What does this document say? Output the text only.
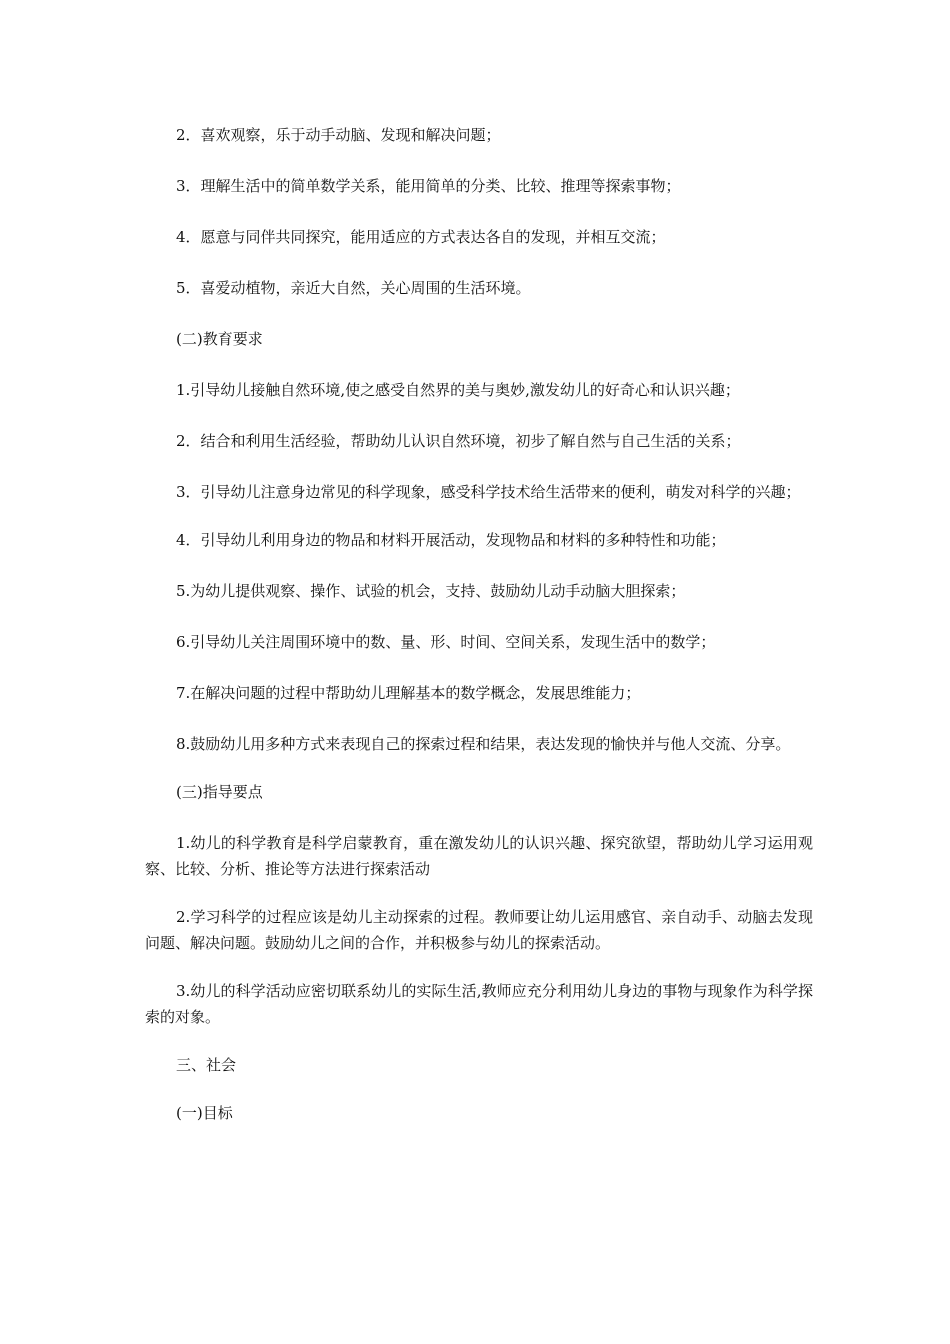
2．喜欢观察，乐于动手动脑、发现和解决问题；

3．理解生活中的简单数学关系，能用简单的分类、比较、推理等探索事物；

4．愿意与同伴共同探究，能用适应的方式表达各自的发现，并相互交流；

5．喜爱动植物，亲近大自然，关心周围的生活环境。

(二)教育要求

1.引导幼儿接触自然环境,使之感受自然界的美与奥妙,激发幼儿的好奇心和认识兴趣；

2．结合和利用生活经验，帮助幼儿认识自然环境，初步了解自然与自己生活的关系；

3．引导幼儿注意身边常见的科学现象，感受科学技术给生活带来的便利，萌发对科学的兴趣；

4．引导幼儿利用身边的物品和材料开展活动，发现物品和材料的多种特性和功能；

5.为幼儿提供观察、操作、试验的机会，支持、鼓励幼儿动手动脑大胆探索；

6.引导幼儿关注周围环境中的数、量、形、时间、空间关系，发现生活中的数学；

7.在解决问题的过程中帮助幼儿理解基本的数学概念，发展思维能力；

8.鼓励幼儿用多种方式来表现自己的探索过程和结果，表达发现的愉快并与他人交流、分享。

(三)指导要点

1.幼儿的科学教育是科学启蒙教育，重在激发幼儿的认识兴趣、探究欲望，帮助幼儿学习运用观察、比较、分析、推论等方法进行探索活动

2.学习科学的过程应该是幼儿主动探索的过程。教师要让幼儿运用感官、亲自动手、动脑去发现问题、解决问题。鼓励幼儿之间的合作，并积极参与幼儿的探索活动。

3.幼儿的科学活动应密切联系幼儿的实际生活,教师应充分利用幼儿身边的事物与现象作为科学探索的对象。

三、社会

(一)目标
